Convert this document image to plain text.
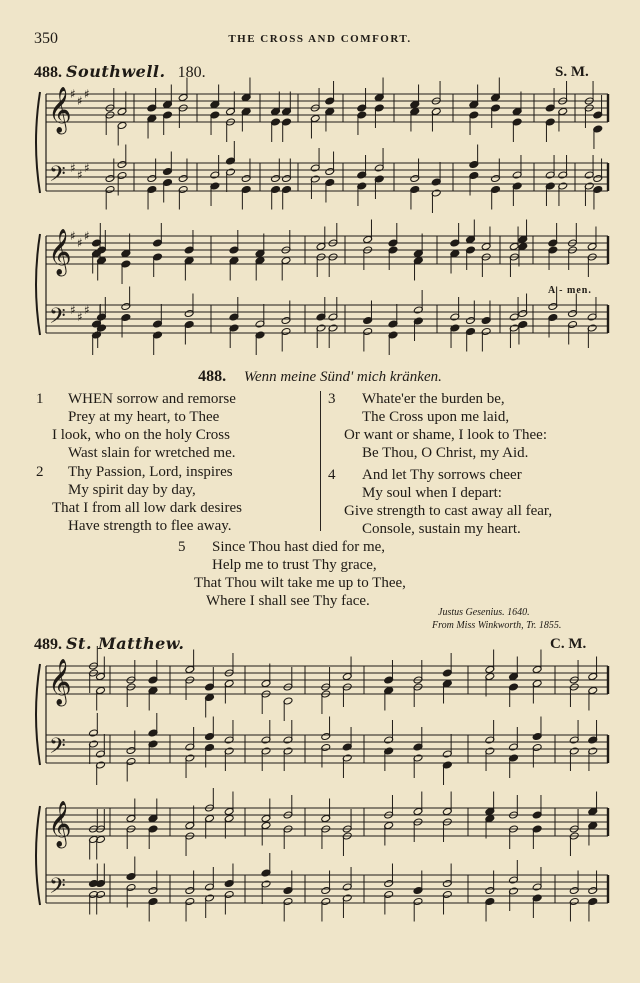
350	THE CROSS AND COMFORT.
488. Southwell. 180.	S. M.
𝄞
𝄢
♯ ♯ ♯
♯ ♯ ♯
𝄞
𝄢
♯ ♯ ♯
♯ ♯ ♯
𝄞
𝄢
𝄞
𝄢
A - men.
488. Wenn meine Sünd' mich kränken.
1	WHEN sorrow and remorse
Prey at my heart, to Thee
I look, who on the holy Cross
Wast slain for wretched me.
2	Thy Passion, Lord, inspires
My spirit day by day,
That I from all low dark desires
Have strength to flee away.
3	Whate'er the burden be,
The Cross upon me laid,
Or want or shame, I look to Thee:
Be Thou, O Christ, my Aid.
4	And let Thy sorrows cheer
My soul when I depart:
Give strength to cast away all fear,
Console, sustain my heart.
5	Since Thou hast died for me,
Help me to trust Thy grace,
That Thou wilt take me up to Thee,
Where I shall see Thy face.
Justus Gesenius. 1640.
From Miss Winkworth, Tr. 1855.
489. St. Matthew.	C. M.
